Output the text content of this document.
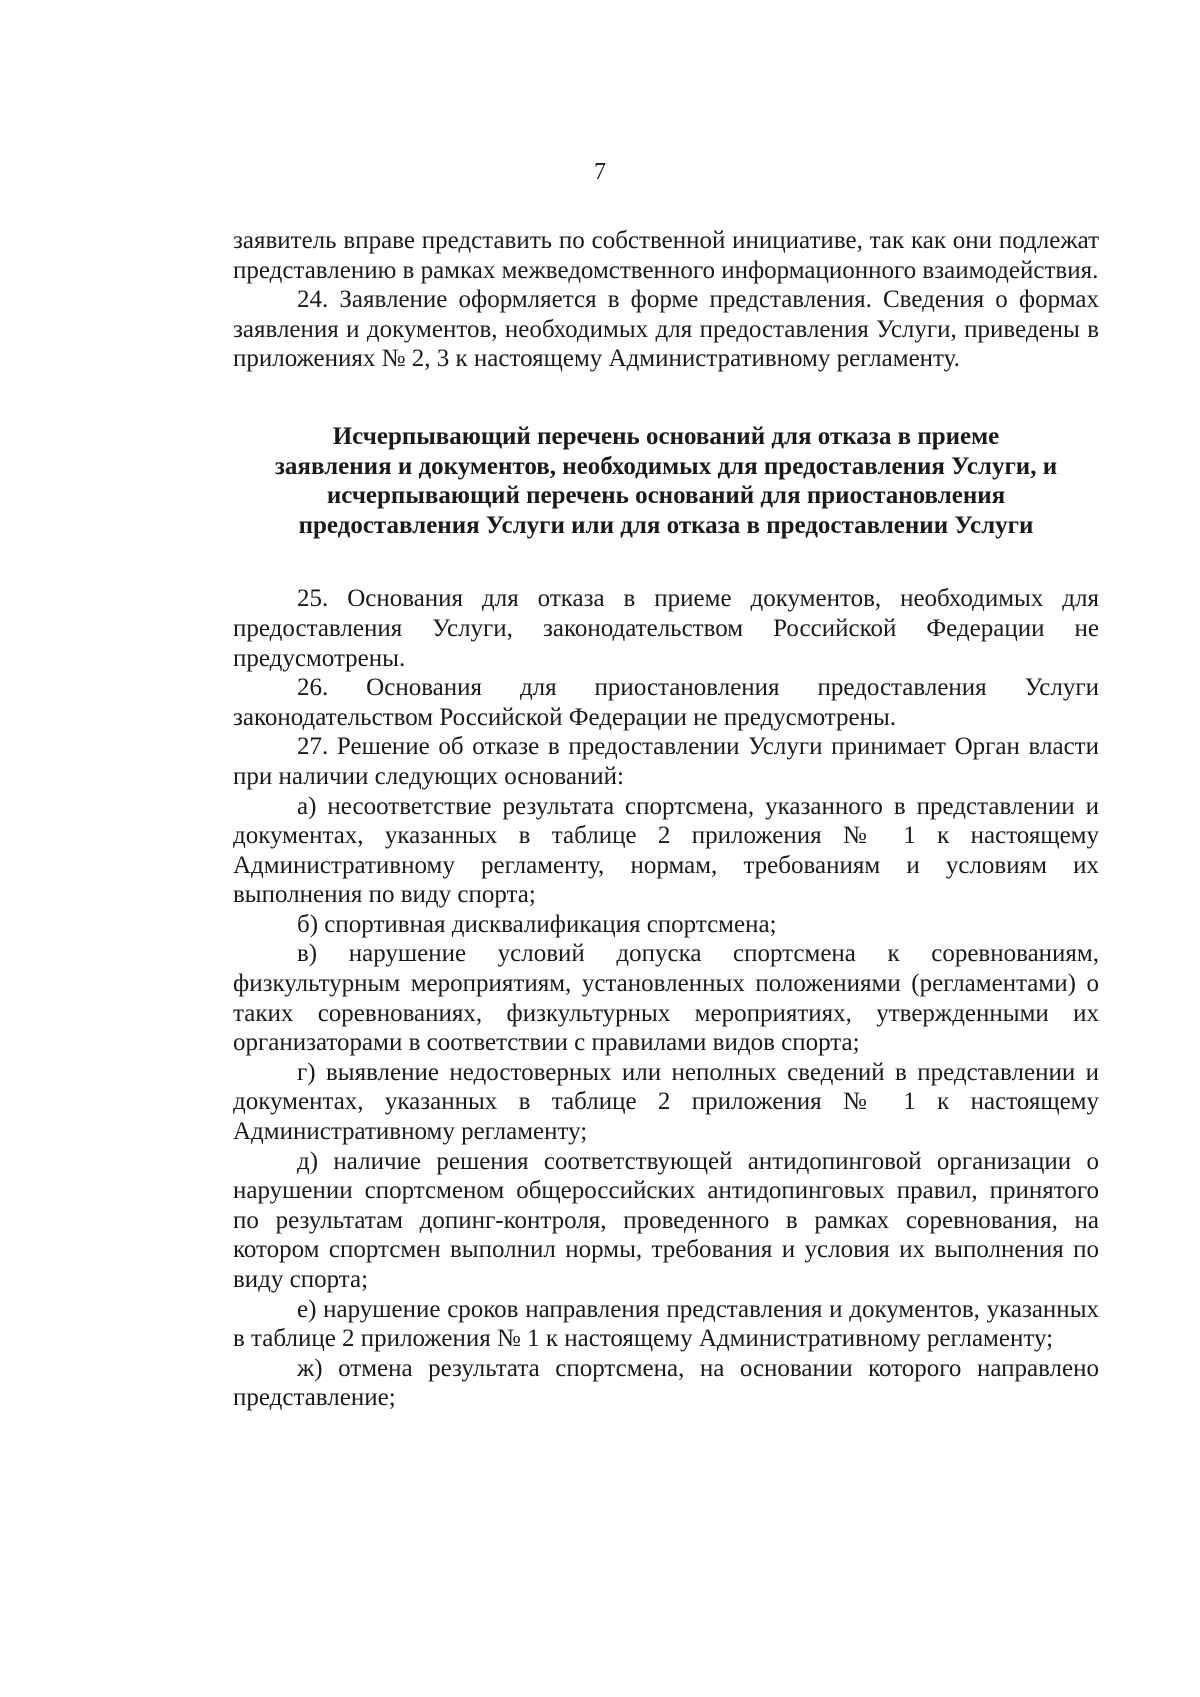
7

заявитель вправе представить по собственной инициативе, так как они подлежат представлению в рамках межведомственного информационного взаимодействия.

24. Заявление оформляется в форме представления. Сведения о формах заявления и документов, необходимых для предоставления Услуги, приведены в приложениях № 2, 3 к настоящему Административному регламенту.

Исчерпывающий перечень оснований для отказа в приеме
заявления и документов, необходимых для предоставления Услуги, и
исчерпывающий перечень оснований для приостановления
предоставления Услуги или для отказа в предоставлении Услуги

25. Основания для отказа в приеме документов, необходимых для предоставления Услуги, законодательством Российской Федерации не предусмотрены.

26. Основания для приостановления предоставления Услуги законодательством Российской Федерации не предусмотрены.

27. Решение об отказе в предоставлении Услуги принимает Орган власти при наличии следующих оснований:

а) несоответствие результата спортсмена, указанного в представлении и документах, указанных в таблице 2 приложения № 1 к настоящему Административному регламенту, нормам, требованиям и условиям их выполнения по виду спорта;

б) спортивная дисквалификация спортсмена;

в) нарушение условий допуска спортсмена к соревнованиям, физкультурным мероприятиям, установленных положениями (регламентами) о таких соревнованиях, физкультурных мероприятиях, утвержденными их организаторами в соответствии с правилами видов спорта;

г) выявление недостоверных или неполных сведений в представлении и документах, указанных в таблице 2 приложения № 1 к настоящему Административному регламенту;

д) наличие решения соответствующей антидопинговой организации о нарушении спортсменом общероссийских антидопинговых правил, принятого по результатам допинг-контроля, проведенного в рамках соревнования, на котором спортсмен выполнил нормы, требования и условия их выполнения по виду спорта;

е) нарушение сроков направления представления и документов, указанных в таблице 2 приложения № 1 к настоящему Административному регламенту;

ж) отмена результата спортсмена, на основании которого направлено представление;
